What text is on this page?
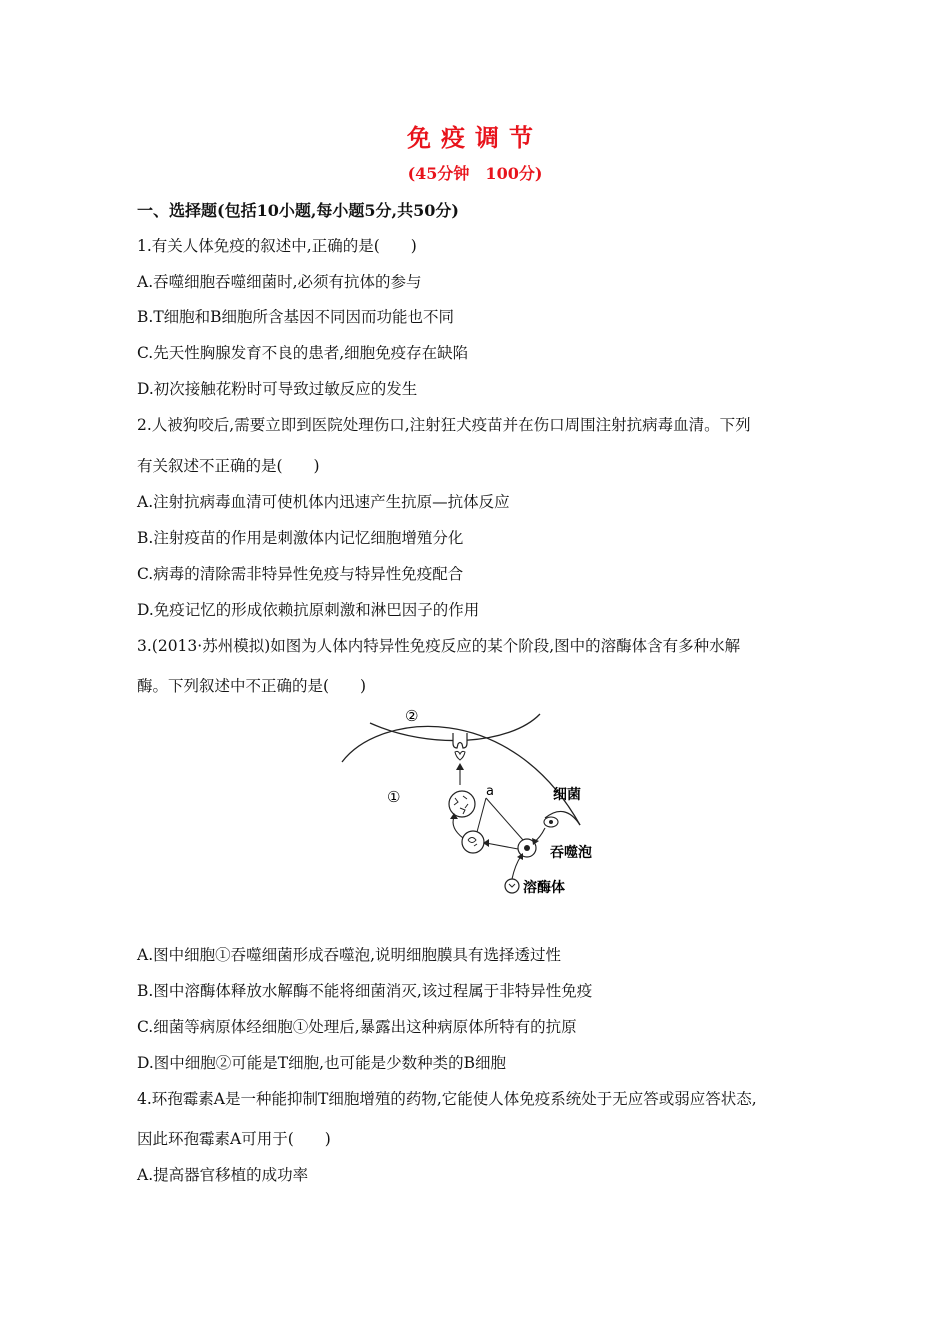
免疫调节
(45分钟　100分)
一、选择题(包括10小题,每小题5分,共50分)
1.有关人体免疫的叙述中,正确的是(　　)
A.吞噬细胞吞噬细菌时,必须有抗体的参与
B.T细胞和B细胞所含基因不同因而功能也不同
C.先天性胸腺发育不良的患者,细胞免疫存在缺陷
D.初次接触花粉时可导致过敏反应的发生
2.人被狗咬后,需要立即到医院处理伤口,注射狂犬疫苗并在伤口周围注射抗病毒血清。下列
有关叙述不正确的是(　　)
A.注射抗病毒血清可使机体内迅速产生抗原—抗体反应
B.注射疫苗的作用是刺激体内记忆细胞增殖分化
C.病毒的清除需非特异性免疫与特异性免疫配合
D.免疫记忆的形成依赖抗原刺激和淋巴因子的作用
3.(2013·苏州模拟)如图为人体内特异性免疫反应的某个阶段,图中的溶酶体含有多种水解
酶。下列叙述中不正确的是(　　)
②
①	a	细菌
吞噬泡
溶酶体
A.图中细胞①吞噬细菌形成吞噬泡,说明细胞膜具有选择透过性
B.图中溶酶体释放水解酶不能将细菌消灭,该过程属于非特异性免疫
C.细菌等病原体经细胞①处理后,暴露出这种病原体所特有的抗原
D.图中细胞②可能是T细胞,也可能是少数种类的B细胞
4.环孢霉素A是一种能抑制T细胞增殖的药物,它能使人体免疫系统处于无应答或弱应答状态,
因此环孢霉素A可用于(　　)
A.提高器官移植的成功率
